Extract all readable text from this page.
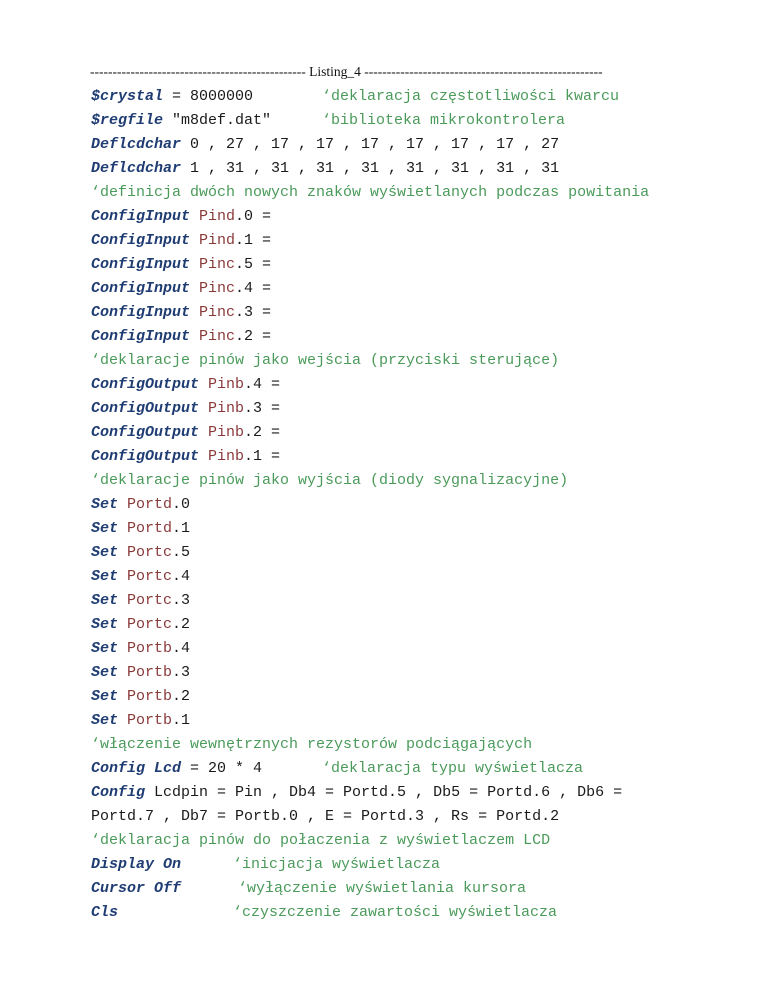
------------------------------------------------ Listing_4 -----------------------------------------------------
$crystal = 8000000	‘deklaracja częstotliwości kwarcu
$regfile "m8def.dat"	‘biblioteka mikrokontrolera
Deflcdchar 0 , 27 , 17 , 17 , 17 , 17 , 17 , 17 , 27
Deflcdchar 1 , 31 , 31 , 31 , 31 , 31 , 31 , 31 , 31
‘definicja dwóch nowych znaków wyświetlanych podczas powitania
ConfigInput Pind.0 =
ConfigInput Pind.1 =
ConfigInput Pinc.5 =
ConfigInput Pinc.4 =
ConfigInput Pinc.3 =
ConfigInput Pinc.2 =
‘deklaracje pinów jako wejścia (przyciski sterujące)
ConfigOutput Pinb.4 =
ConfigOutput Pinb.3 =
ConfigOutput Pinb.2 =
ConfigOutput Pinb.1 =
‘deklaracje pinów jako wyjścia (diody sygnalizacyjne)
Set Portd.0
Set Portd.1
Set Portc.5
Set Portc.4
Set Portc.3
Set Portc.2
Set Portb.4
Set Portb.3
Set Portb.2
Set Portb.1
‘włączenie wewnętrznych rezystorów podciągających
Config Lcd = 20 * 4	‘deklaracja typu wyświetlacza
Config Lcdpin = Pin , Db4 = Portd.5 , Db5 = Portd.6 , Db6 =
Portd.7 , Db7 = Portb.0 , E = Portd.3 , Rs = Portd.2
‘deklaracja pinów do połaczenia z wyświetlaczem LCD
Display On	‘inicjacja wyświetlacza
Cursor Off	‘wyłączenie wyświetlania kursora
Cls	‘czyszczenie zawartości wyświetlacza
